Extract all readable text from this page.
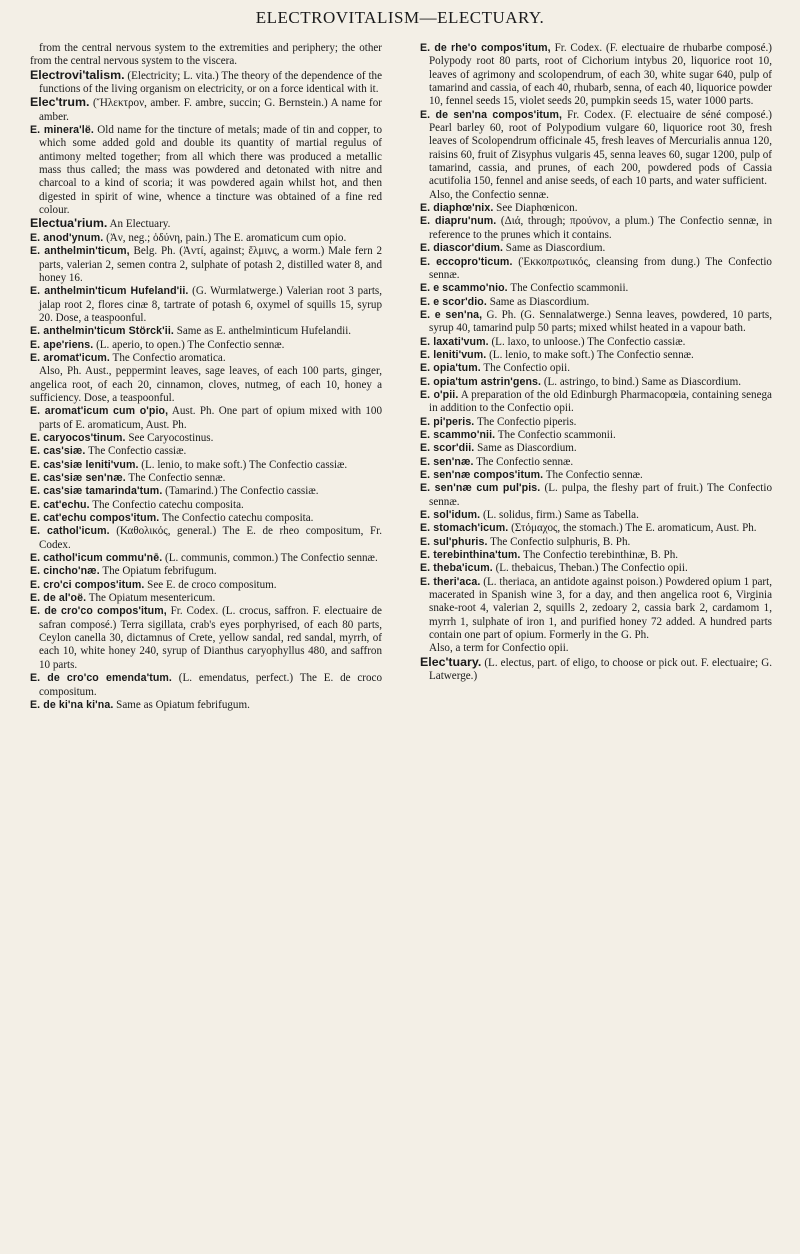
ELECTROVITALISM—ELECTUARY.

from the central nervous system to the extremities and periphery; the other from the central nervous system to the viscera.

Electrovi'talism. (Electricity; L. vita.) The theory of the dependence of the functions of the living organism on electricity, or on a force identical with it.

Elec'trum. (Ἤλεκτρον, amber. F. ambre, succin; G. Bernstein.) A name for amber.

E. minera'lë. Old name for the tincture of metals; made of tin and copper, to which some added gold and double its quantity of martial regulus of antimony melted together; from all which there was produced a metallic mass thus called; the mass was powdered and detonated with nitre and charcoal to a kind of scoria; it was powdered again whilst hot, and then digested in spirit of wine, whence a tincture was obtained of a fine red colour.

Electua'rium. An Electuary.

E. anod'ynum. (Ἀν, neg.; ὀδύνη, pain.) The E. aromaticum cum opio.

E. anthelmin'ticum, Belg. Ph. (Ἀντί, against; ἕλμινς, a worm.) Male fern 2 parts, valerian 2, semen contra 2, sulphate of potash 2, distilled water 8, and honey 16.

E. anthelmin'ticum Hufeland'ii. (G. Wurmlatwerge.) Valerian root 3 parts, jalap root 2, flores cinæ 8, tartrate of potash 6, oxymel of squills 15, syrup 20. Dose, a teaspoonful.

E. anthelmin'ticum Störck'ii. Same as E. anthelminticum Hufelandii.

E. ape'riens. (L. aperio, to open.) The Confectio sennæ.

E. aromat'icum. The Confectio aromatica.

Also, Ph. Aust., peppermint leaves, sage leaves, of each 100 parts, ginger, angelica root, of each 20, cinnamon, cloves, nutmeg, of each 10, honey a sufficiency. Dose, a teaspoonful.

E. aromat'icum cum o'pio, Aust. Ph. One part of opium mixed with 100 parts of E. aromaticum, Aust. Ph.

E. caryocos'tinum. See Caryocostinus.

E. cas'siæ. The Confectio cassiæ.

E. cas'siæ leniti'vum. (L. lenio, to make soft.) The Confectio cassiæ.

E. cas'siæ sen'næ. The Confectio sennæ.

E. cas'siæ tamarinda'tum. (Tamarind.) The Confectio cassiæ.

E. cat'echu. The Confectio catechu composita.

E. cat'echu compos'itum. The Confectio catechu composita.

E. cathol'icum. (Καθολικός, general.) The E. de rheo compositum, Fr. Codex.

E. cathol'icum commu'nē. (L. communis, common.) The Confectio sennæ.

E. cincho'næ. The Opiatum febrifugum.

E. cro'ci compos'itum. See E. de croco compositum.

E. de al'oë. The Opiatum mesentericum.

E. de cro'co compos'itum, Fr. Codex. (L. crocus, saffron. F. electuaire de safran composé.) Terra sigillata, crab's eyes porphyrised, of each 80 parts, Ceylon canella 30, dictamnus of Crete, yellow sandal, red sandal, myrrh, of each 10, white honey 240, syrup of Dianthus caryophyllus 480, and saffron 10 parts.

E. de cro'co emenda'tum. (L. emendatus, perfect.) The E. de croco compositum.

E. de ki'na ki'na. Same as Opiatum febrifugum.

E. de rhe'o compos'itum, Fr. Codex. (F. electuaire de rhubarbe composé.) Polypody root 80 parts, root of Cichorium intybus 20, liquorice root 10, leaves of agrimony and scolopendrum, of each 30, white sugar 640, pulp of tamarind and cassia, of each 40, rhubarb, senna, of each 40, liquorice powder 10, fennel seeds 15, violet seeds 20, pumpkin seeds 15, water 1000 parts.

E. de sen'na compos'itum, Fr. Codex. (F. electuaire de séné composé.) Pearl barley 60, root of Polypodium vulgare 60, liquorice root 30, fresh leaves of Scolopendrum officinale 45, fresh leaves of Mercurialis annua 120, raisins 60, fruit of Zisyphus vulgaris 45, senna leaves 60, sugar 1200, pulp of tamarind, cassia, and prunes, of each 200, powdered pods of Cassia acutifolia 150, fennel and anise seeds, of each 10 parts, and water sufficient.

Also, the Confectio sennæ.

E. diaphœ'nix. See Diaphœnicon.

E. diapru'num. (Διά, through; προύνον, a plum.) The Confectio sennæ, in reference to the prunes which it contains.

E. diascor'dium. Same as Diascordium.

E. eccopro'ticum. (Ἐκκοπρωτικός, cleansing from dung.) The Confectio sennæ.

E. e scammo'nio. The Confectio scammonii.

E. e scor'dio. Same as Diascordium.

E. e sen'na, G. Ph. (G. Sennalatwerge.) Senna leaves, powdered, 10 parts, syrup 40, tamarind pulp 50 parts; mixed whilst heated in a vapour bath.

E. laxati'vum. (L. laxo, to unloose.) The Confectio cassiæ.

E. leniti'vum. (L. lenio, to make soft.) The Confectio sennæ.

E. opia'tum. The Confectio opii.

E. opia'tum astrin'gens. (L. astringo, to bind.) Same as Diascordium.

E. o'pii. A preparation of the old Edinburgh Pharmacopœia, containing senega in addition to the Confectio opii.

E. pi'peris. The Confectio piperis.

E. scammo'nii. The Confectio scammonii.

E. scor'dii. Same as Diascordium.

E. sen'næ. The Confectio sennæ.

E. sen'næ compos'itum. The Confectio sennæ.

E. sen'næ cum pul'pis. (L. pulpa, the fleshy part of fruit.) The Confectio sennæ.

E. sol'idum. (L. solidus, firm.) Same as Tabella.

E. stomach'icum. (Στόμαχος, the stomach.) The E. aromaticum, Aust. Ph.

E. sul'phuris. The Confectio sulphuris, B. Ph.

E. terebinthina'tum. The Confectio terebinthinæ, B. Ph.

E. theba'icum. (L. thebaicus, Theban.) The Confectio opii.

E. theri'aca. (L. theriaca, an antidote against poison.) Powdered opium 1 part, macerated in Spanish wine 3, for a day, and then angelica root 6, Virginia snake-root 4, valerian 2, squills 2, zedoary 2, cassia bark 2, cardamom 1, myrrh 1, sulphate of iron 1, and purified honey 72 added. A hundred parts contain one part of opium. Formerly in the G. Ph.

Also, a term for Confectio opii.

Elec'tuary. (L. electus, part. of eligo, to choose or pick out. F. electuaire; G. Latwerge.)
